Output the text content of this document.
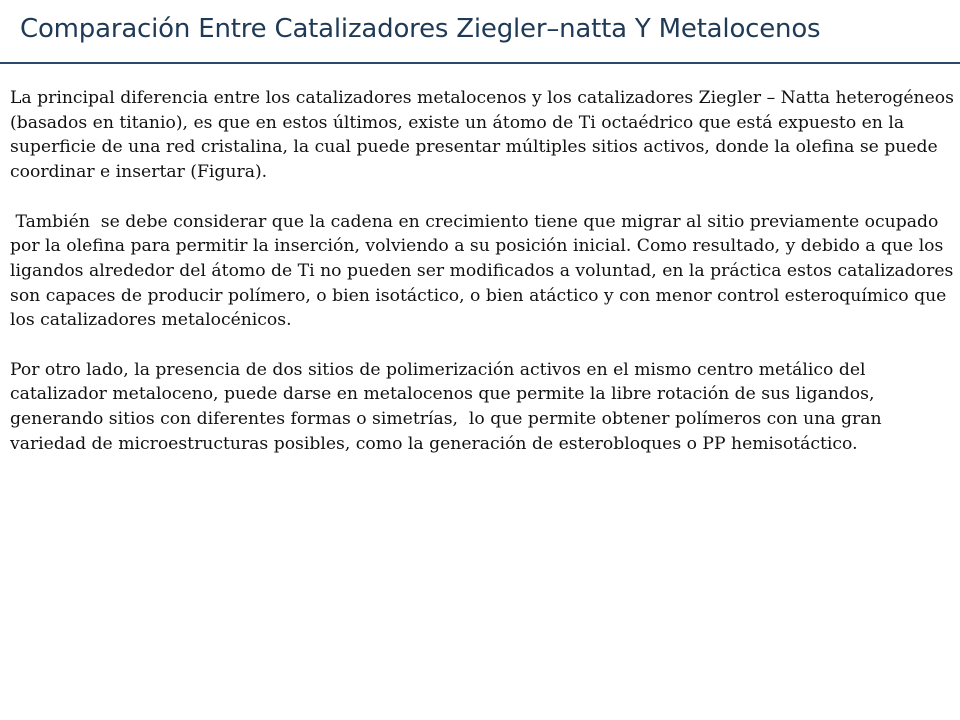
Comparación Entre Catalizadores Ziegler–natta Y Metalocenos

La principal diferencia entre los catalizadores metalocenos y los catalizadores Ziegler – Natta heterogéneos (basados en titanio), es que en estos últimos, existe un átomo de Ti octaédrico que está expuesto en la superficie de una red cristalina, la cual puede presentar múltiples sitios activos, donde la olefina se puede coordinar e insertar (Figura).

También  se debe considerar que la cadena en crecimiento tiene que migrar al sitio previamente ocupado por la olefina para permitir la inserción, volviendo a su posición inicial. Como resultado, y debido a que los ligandos alrededor del átomo de Ti no pueden ser modificados a voluntad, en la práctica estos catalizadores son capaces de producir polímero, o bien isotáctico, o bien atáctico y con menor control esteroquímico que los catalizadores metalocénicos.

Por otro lado, la presencia de dos sitios de polimerización activos en el mismo centro metálico del catalizador metaloceno, puede darse en metalocenos que permite la libre rotación de sus ligandos, generando sitios con diferentes formas o simetrías,  lo que permite obtener polímeros con una gran variedad de microestructuras posibles, como la generación de esterobloques o PP hemisotáctico.
